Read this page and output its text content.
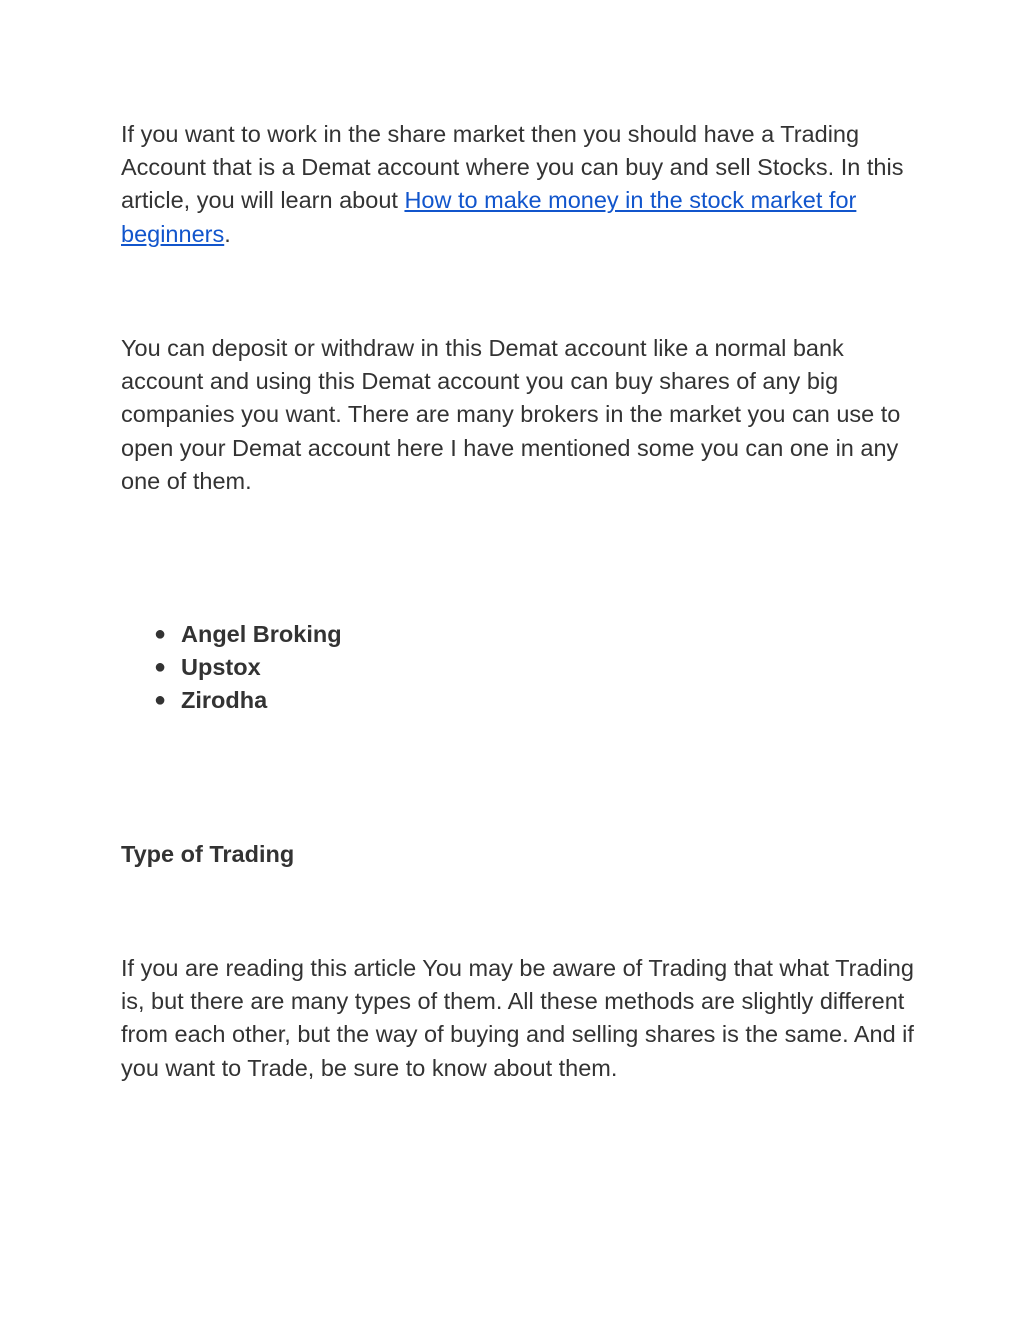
If you want to work in the share market then you should have a Trading Account that is a Demat account where you can buy and sell Stocks. In this article, you will learn about How to make money in the stock market for beginners.

You can deposit or withdraw in this Demat account like a normal bank account and using this Demat account you can buy shares of any big companies you want. There are many brokers in the market you can use to open your Demat account here I have mentioned some you can one in any one of them.

● Angel Broking
● Upstox
● Zirodha
Type of Trading

If you are reading this article You may be aware of Trading that what Trading is, but there are many types of them. All these methods are slightly different from each other, but the way of buying and selling shares is the same. And if you want to Trade, be sure to know about them.
